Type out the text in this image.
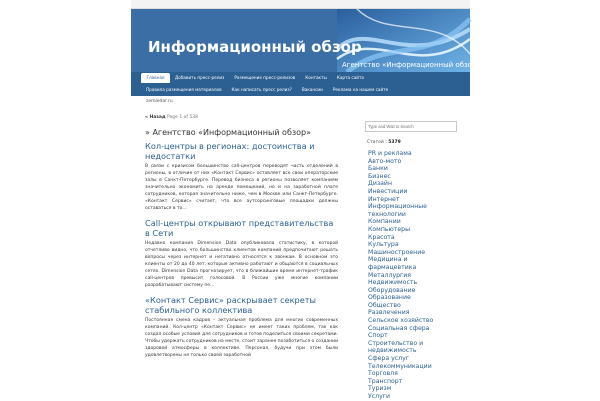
Информационный обзор
Агентство «Информационный обзор»
Главная	Добавить пресс-релиз	Размещение пресс-релизов	Контакты	Карта сайта
Правила размещения материалов	Как написать пресс релиз?	Вакансии	Реклама на нашем сайте
zemledar.ru
« Назад Page 1 of 538
» Агентство «Информационный обзор»
Кол-центры в регионах: достоинства и недостатки

В связи с кризисом большинство call-центров переводят часть отделений в регионы, в отличие от них «Контакт Сервис» оставляет все свои операторские залы в Санкт-Петербурге. Перевод бизнеса в регионы позволяет компаниям значительно экономить на аренде помещений, но и на заработной плате сотрудников, которая значительно ниже, чем в Москве или Санкт-Петербурге. «Контакт Сервис» считает, что все аутсорсинговые площадки должны оставаться в то...

Call-центры открывают представительства в Сети

Недавно компания Dimension Data опубликовала статистику, в которой отчетливо видно, что большинство клиентов компаний предпочитают решать вопросы через интернет и негативно относятся к звонкам. В основном это клиенты от 20 до 40 лет, которые активно работают и общаются в социальных сетях. Dimension Data прогнозирует, что в ближайшие время интернет-трафик call-центров превысит голосовой. В России уже многие компании разрабатывают систему пе...

«Контакт Сервис» раскрывает секреты стабильного коллектива

Постоянная смена кадров – актуальная проблема для многих современных компаний. Кол-центр «Контакт Сервис» не имеет таких проблем, так как создал особые условия для сотрудников и готов поделиться своими секретами. Чтобы удержать сотрудников на месте, стоит заранее позаботиться о создании здоровой атмосферы в коллективе. Персонал, будучи при этом были удовлетворены не только своей заработной

Type and Wait to Search
Статей : 5379
PR и реклама
Авто-мото
Банки
Бизнес
Дизайн
Инвестиции
Интернет
Информационные
технологии
Компании
Компьютеры
Красота
Культура
Машиностроение
Медицина и
фармацевтика
Металлургия
Недвижимость
Оборудование
Образование
Общество
Развлечения
Сельское хозяйство
Социальная сфера
Спорт
Строительство и
недвижимость
Сфера услуг
Телекоммуникации
Торговля
Транспорт
Туризм
Услуги
